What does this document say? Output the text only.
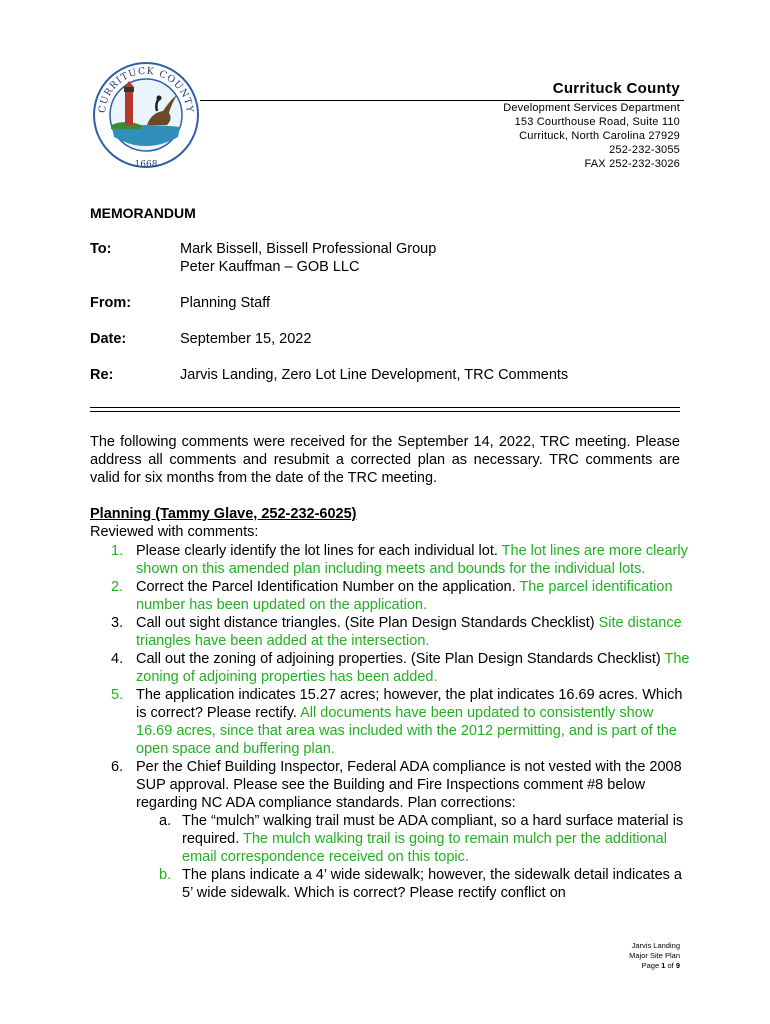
CURRITUCK COUNTY
1668
Currituck County
Development Services Department
153 Courthouse Road, Suite 110
Currituck, North Carolina 27929
252-232-3055
FAX 252-232-3026
MEMORANDUM
To:	Mark Bissell, Bissell Professional Group
Peter Kauffman – GOB LLC
From:	Planning Staff
Date:	September 15, 2022
Re:	Jarvis Landing, Zero Lot Line Development, TRC Comments
The following comments were received for the September 14, 2022, TRC meeting. Please address all comments and resubmit a corrected plan as necessary. TRC comments are valid for six months from the date of the TRC meeting.
Planning (Tammy Glave, 252-232-6025)
Reviewed with comments:
1. Please clearly identify the lot lines for each individual lot. The lot lines are more clearly shown on this amended plan including meets and bounds for the individual lots.
2. Correct the Parcel Identification Number on the application. The parcel identification number has been updated on the application.
3. Call out sight distance triangles. (Site Plan Design Standards Checklist) Site distance triangles have been added at the intersection.
4. Call out the zoning of adjoining properties. (Site Plan Design Standards Checklist) The zoning of adjoining properties has been added.
5. The application indicates 15.27 acres; however, the plat indicates 16.69 acres. Which is correct? Please rectify. All documents have been updated to consistently show 16.69 acres, since that area was included with the 2012 permitting, and is part of the open space and buffering plan.
6. Per the Chief Building Inspector, Federal ADA compliance is not vested with the 2008 SUP approval. Please see the Building and Fire Inspections comment #8 below regarding NC ADA compliance standards. Plan corrections:
a. The “mulch” walking trail must be ADA compliant, so a hard surface material is required. The mulch walking trail is going to remain mulch per the additional email correspondence received on this topic.
b. The plans indicate a 4’ wide sidewalk; however, the sidewalk detail indicates a 5’ wide sidewalk. Which is correct? Please rectify conflict on
Jarvis Landing
Major Site Plan
Page 1 of 9
